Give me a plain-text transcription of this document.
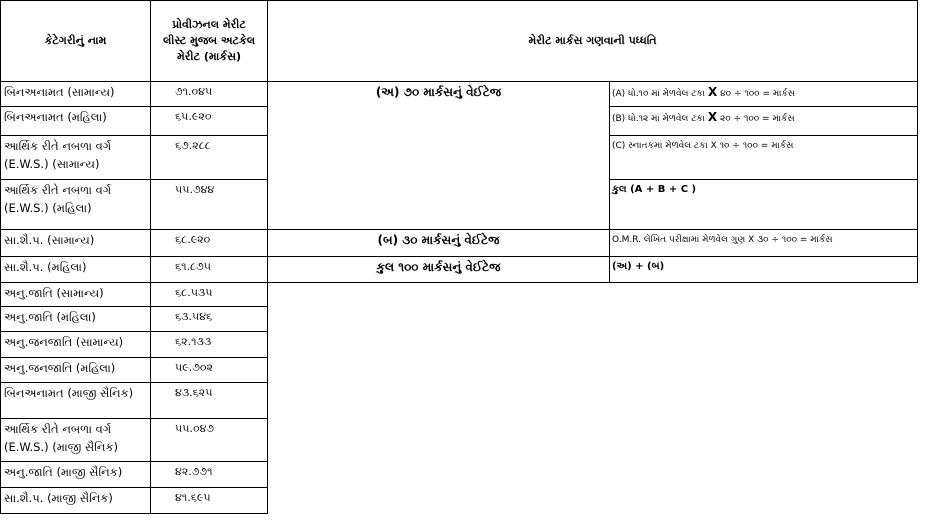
કેટેગરીનું નામ
પ્રોવીઝનલ મેરીટ
લીસ્ટ મુજબ અટકેલ
મેરીટ (માર્કસ)
મેરીટ માર્કસ ગણવાની પધ્ધતિ
બિનઅનામત (સામાન્ય)
બિનઅનામત (મહિલા)
આર્થિક રીતે નબળા વર્ગ
(E.W.S.) (સામાન્ય)
આર્થિક રીતે નબળા વર્ગ
(E.W.S.) (મહિલા)
સા.શૈ.પ. (સામાન્ય)
સા.શૈ.પ. (મહિલા)
અનુ.જાતિ (સામાન્ય)
અનુ.જાતિ (મહિલા)
અનુ.જનજાતિ (સામાન્ય)
અનુ.જનજાતિ (મહિલા)
બિનઅનામત (માજી સૈનિક)
આર્થિક રીતે નબળા વર્ગ
(E.W.S.) (માજી સૈનિક)
અનુ.જાતિ (માજી સૈનિક)
સા.શૈ.પ. (માજી સૈનિક)
૭૧.૦૪૫
૬૫.૯૨૦
૬૭.૨૮૮
૫૫.૭૪૪
૬૮.૯૨૦
૬૧.૮૭૫
૬૮.૫૩૫
૬૩.૫૪૬
૬૨.૧૩૩
૫૯.૭૦૨
૪૩.૬૨૫
૫૫.૦૪૭
૪૨.૭૭૧
૪૧.૬૯૫
(અ) ૭૦ માર્કસનું વેઈટેજ
(બ) ૩૦ માર્કસનું વેઈટેજ
કુલ ૧૦૦ માર્કસનું વેઈટેજ
(A) ધો.૧૦ માં મેળવેલ ટકા X ૪૦ ÷ ૧૦૦ = માર્કસ
(B) ધો.૧૨ માં મેળવેલ ટકા X ૨૦ ÷ ૧૦૦ = માર્કસ
(C) સ્નાતકમાં મેળવેલ ટકા X ૧૦ ÷ ૧૦૦ = માર્કસ
કુલ (A + B + C )
O.M.R. લેખિત પરીક્ષામાં મેળવેલ ગુણ X ૩૦ ÷ ૧૦૦ = માર્કસ
(અ) + (બ)
